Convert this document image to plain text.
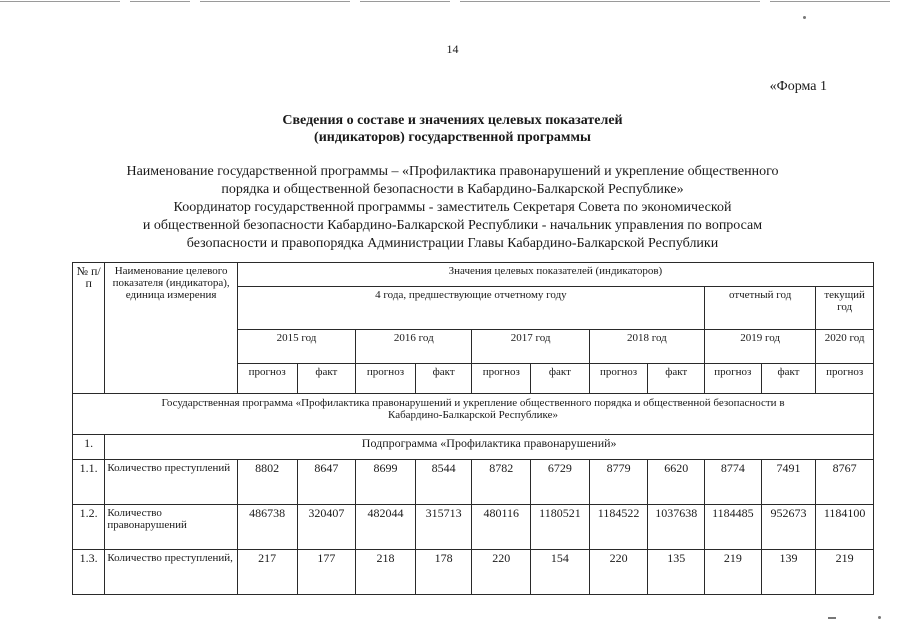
14
«Форма 1
Сведения о составе и значениях целевых показателей
(индикаторов) государственной программы
Наименование государственной программы – «Профилактика правонарушений и укрепление общественного
порядка и общественной безопасности в Кабардино-Балкарской Республике»
Координатор государственной программы - заместитель Секретаря Совета по экономической
и общественной безопасности Кабардино-Балкарской Республики - начальник управления по вопросам
безопасности и правопорядка Администрации Главы Кабардино-Балкарской Республики
№ п/п	Наименование целевого показателя (индикатора), единица измерения	Значения целевых показателей (индикаторов)										
		4 года, предшествующие отчетному году								отчетный год		текущий год
		2015 год		2016 год		2017 год		2018 год		2019 год		2020 год
		прогноз	факт	прогноз	факт	прогноз	факт	прогноз	факт	прогноз	факт	прогноз
Государственная программа «Профилактика правонарушений и укрепление общественного порядка и общественной безопасности в Кабардино-Балкарской Республике»												
1.	Подпрограмма «Профилактика правонарушений»											
1.1.	Количество преступлений	8802	8647	8699	8544	8782	6729	8779	6620	8774	7491	8767
1.2.	Количество правонарушений	486738	320407	482044	315713	480116	1180521	1184522	1037638	1184485	952673	1184100
1.3.	Количество преступлений,	217	177	218	178	220	154	220	135	219	139	219
